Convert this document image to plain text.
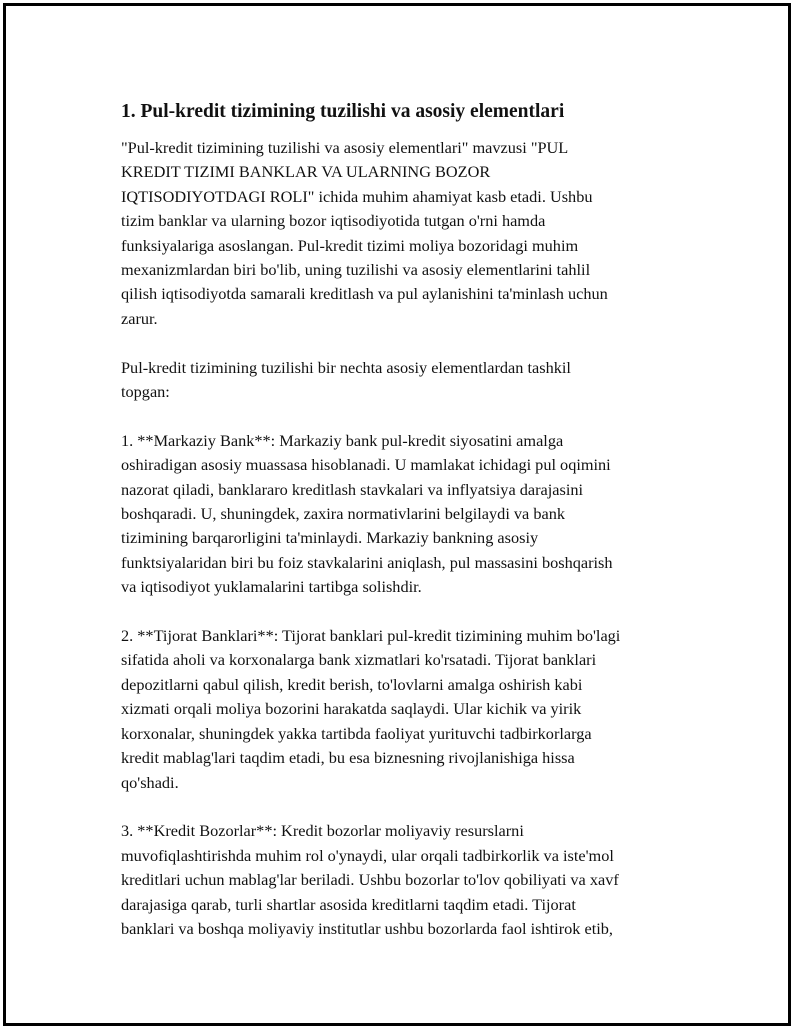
1. Pul-kredit tizimining tuzilishi va asosiy elementlari

"Pul-kredit tizimining tuzilishi va asosiy elementlari" mavzusi "PUL
KREDIT TIZIMI BANKLAR VA ULARNING BOZOR
IQTISODIYOTDAGI ROLI" ichida muhim ahamiyat kasb etadi. Ushbu
tizim banklar va ularning bozor iqtisodiyotida tutgan o'rni hamda
funksiyalariga asoslangan. Pul-kredit tizimi moliya bozoridagi muhim
mexanizmlardan biri bo'lib, uning tuzilishi va asosiy elementlarini tahlil
qilish iqtisodiyotda samarali kreditlash va pul aylanishini ta'minlash uchun
zarur.

Pul-kredit tizimining tuzilishi bir nechta asosiy elementlardan tashkil
topgan:

1. **Markaziy Bank**: Markaziy bank pul-kredit siyosatini amalga
oshiradigan asosiy muassasa hisoblanadi. U mamlakat ichidagi pul oqimini
nazorat qiladi, banklararo kreditlash stavkalari va inflyatsiya darajasini
boshqaradi. U, shuningdek, zaxira normativlarini belgilaydi va bank
tizimining barqarorligini ta'minlaydi. Markaziy bankning asosiy
funktsiyalaridan biri bu foiz stavkalarini aniqlash, pul massasini boshqarish
va iqtisodiyot yuklamalarini tartibga solishdir.

2. **Tijorat Banklari**: Tijorat banklari pul-kredit tizimining muhim bo'lagi
sifatida aholi va korxonalarga bank xizmatlari ko'rsatadi. Tijorat banklari
depozitlarni qabul qilish, kredit berish, to'lovlarni amalga oshirish kabi
xizmati orqali moliya bozorini harakatda saqlaydi. Ular kichik va yirik
korxonalar, shuningdek yakka tartibda faoliyat yurituvchi tadbirkorlarga
kredit mablag'lari taqdim etadi, bu esa biznesning rivojlanishiga hissa
qo'shadi.

3. **Kredit Bozorlar**: Kredit bozorlar moliyaviy resurslarni
muvofiqlashtirishda muhim rol o'ynaydi, ular orqali tadbirkorlik va iste'mol
kreditlari uchun mablag'lar beriladi. Ushbu bozorlar to'lov qobiliyati va xavf
darajasiga qarab, turli shartlar asosida kreditlarni taqdim etadi. Tijorat
banklari va boshqa moliyaviy institutlar ushbu bozorlarda faol ishtirok etib,
